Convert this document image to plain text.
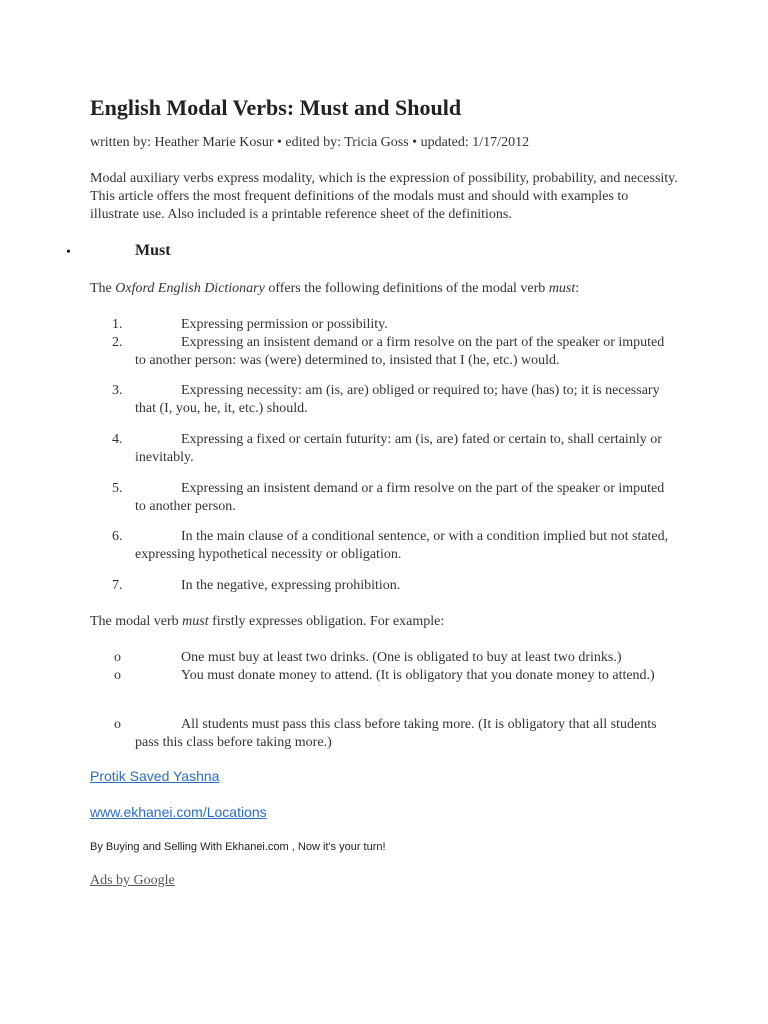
English Modal Verbs: Must and Should
written by: Heather Marie Kosur • edited by: Tricia Goss • updated: 1/17/2012
Modal auxiliary verbs express modality, which is the expression of possibility, probability, and necessity. This article offers the most frequent definitions of the modals must and should with examples to illustrate use. Also included is a printable reference sheet of the definitions.
•	Must
The Oxford English Dictionary offers the following definitions of the modal verb must:
1.	Expressing permission or possibility.
2.	Expressing an insistent demand or a firm resolve on the part of the speaker or imputed to another person: was (were) determined to, insisted that I (he, etc.) would.
3.	Expressing necessity: am (is, are) obliged or required to; have (has) to; it is necessary that (I, you, he, it, etc.) should.
4.	Expressing a fixed or certain futurity: am (is, are) fated or certain to, shall certainly or inevitably.
5.	Expressing an insistent demand or a firm resolve on the part of the speaker or imputed to another person.
6.	In the main clause of a conditional sentence, or with a condition implied but not stated, expressing hypothetical necessity or obligation.
7.	In the negative, expressing prohibition.
The modal verb must firstly expresses obligation. For example:
o	One must buy at least two drinks. (One is obligated to buy at least two drinks.)
o	You must donate money to attend. (It is obligatory that you donate money to attend.)
o	All students must pass this class before taking more. (It is obligatory that all students pass this class before taking more.)
Protik Saved Yashna
www.ekhanei.com/Locations
By Buying and Selling With Ekhanei.com , Now it's your turn!
Ads by Google
